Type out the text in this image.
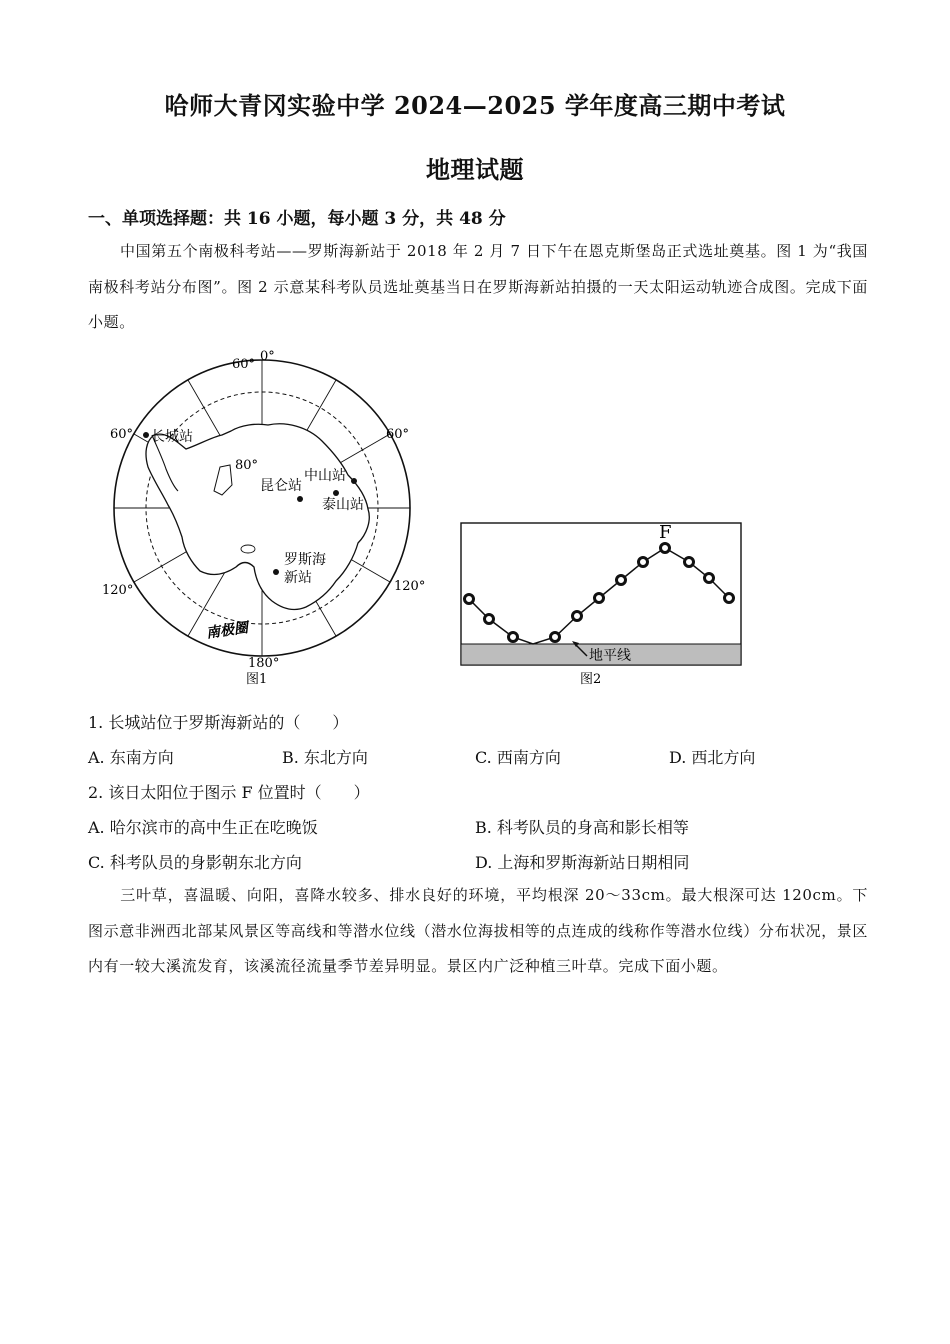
哈师大青冈实验中学 2024—2025 学年度高三期中考试
地理试题
一、单项选择题：共 16 小题，每小题 3 分，共 48 分
中国第五个南极科考站——罗斯海新站于 2018 年 2 月 7 日下午在恩克斯堡岛正式选址奠基。图 1 为“我国南极科考站分布图”。图 2 示意某科考队员选址奠基当日在罗斯海新站拍摄的一天太阳运动轨迹合成图。完成下面小题。
0°
60°
60°	60°
120°	120°
180°
80°
长城站
昆仑站
中山站
泰山站
罗斯海
新站
南极圈
图1
F
地平线
图2
1. 长城站位于罗斯海新站的（　　）
A. 东南方向	B. 东北方向	C. 西南方向	D. 西北方向
2. 该日太阳位于图示 F 位置时（　　）
A. 哈尔滨市的高中生正在吃晚饭	B. 科考队员的身高和影长相等
C. 科考队员的身影朝东北方向	D. 上海和罗斯海新站日期相同
三叶草，喜温暖、向阳，喜降水较多、排水良好的环境，平均根深 20～33cm。最大根深可达 120cm。下图示意非洲西北部某风景区等高线和等潜水位线（潜水位海拔相等的点连成的线称作等潜水位线）分布状况，景区内有一较大溪流发育，该溪流径流量季节差异明显。景区内广泛种植三叶草。完成下面小题。
